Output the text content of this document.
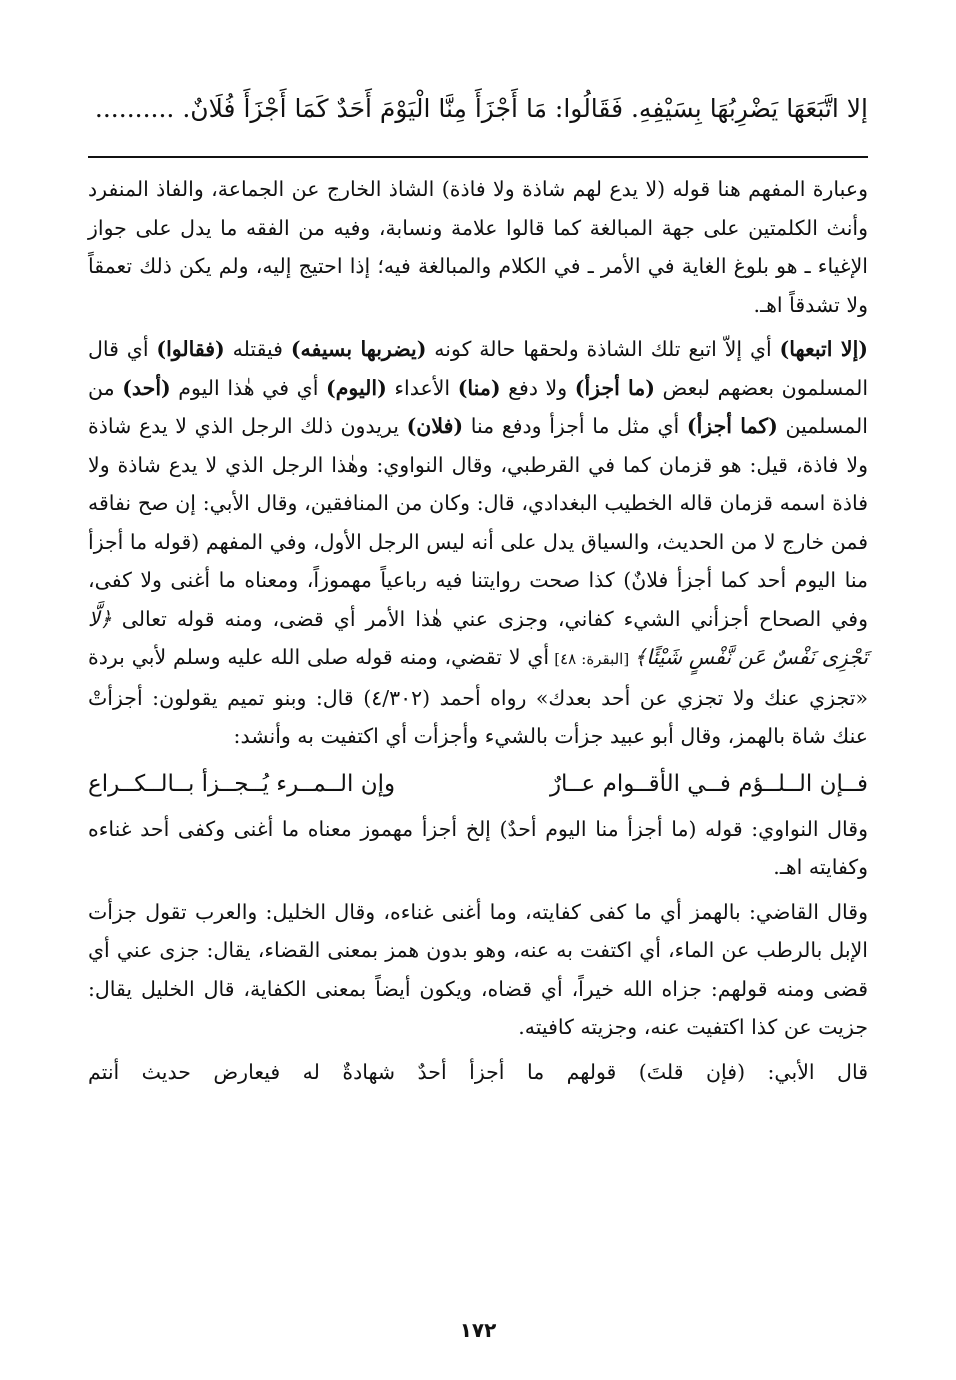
إلا اتَّبَعَهَا يَضْرِبُهَا بِسَيْفِهِ. فَقَالُوا: مَا أَجْزَأَ مِنَّا الْيَوْمَ أَحَدٌ كَمَا أَجْزَأَ فُلَانٌ. ..........

وعبارة المفهم هنا قوله (لا يدع لهم شاذة ولا فاذة) الشاذ الخارج عن الجماعة، والفاذ المنفرد وأنث الكلمتين على جهة المبالغة كما قالوا علامة ونسابة، وفيه من الفقه ما يدل على جواز الإغياء ـ هو بلوغ الغاية في الأمر ـ في الكلام والمبالغة فيه؛ إذا احتيج إليه، ولم يكن ذلك تعمقاً ولا تشدقاً اهـ.

(إلا اتبعها) أي إلاّ اتبع تلك الشاذة ولحقها حالة كونه (يضربها بسيفه) فيقتله (فقالوا) أي قال المسلمون بعضهم لبعض (ما أجزأ) ولا دفع (منا) الأعداء (اليوم) أي في هٰذا اليوم (أحد) من المسلمين (كما أجزأ) أي مثل ما أجزأ ودفع منا (فلان) يريدون ذلك الرجل الذي لا يدع شاذة ولا فاذة، قيل: هو قزمان كما في القرطبي، وقال النواوي: وهٰذا الرجل الذي لا يدع شاذة ولا فاذة اسمه قزمان قاله الخطيب البغدادي، قال: وكان من المنافقين، وقال الأبي: إن صح نفاقه فمن خارج لا من الحديث، والسياق يدل على أنه ليس الرجل الأول، وفي المفهم (قوله ما أجزأ منا اليوم أحد كما أجزأ فلانٌ) كذا صحت روايتنا فيه رباعياً مهموزاً، ومعناه ما أغنى ولا كفى، وفي الصحاح أجزأني الشيء كفاني، وجزى عني هٰذا الأمر أي قضى، ومنه قوله تعالى ﴿لَّا تَجْزِى نَفْسٌ عَن نَّفْسٍ شَيْئًا﴾ [البقرة: ٤٨] أي لا تقضي، ومنه قوله صلى الله عليه وسلم لأبي بردة «تجزي عنك ولا تجزي عن أحد بعدك» رواه أحمد (٤/٣٠٢) قال: وبنو تميم يقولون: أجزأتْ عنك شاة بالهمز، وقال أبو عبيد جزأت بالشيء وأجزأت أي اكتفيت به وأنشد:

فــإن الــلــؤم فــي الأقــوام عــارٌ
وإن الــمــرء يُــجــزأ بــالــكــراع

وقال النواوي: قوله (ما أجزأ منا اليوم أحدٌ) إلخ أجزأ مهموز معناه ما أغنى وكفى أحد غناءه وكفايته اهـ.

وقال القاضي: بالهمز أي ما كفى كفايته، وما أغنى غناءه، وقال الخليل: والعرب تقول جزأت الإبل بالرطب عن الماء، أي اكتفت به عنه، وهو بدون همز بمعنى القضاء، يقال: جزى عني أي قضى ومنه قولهم: جزاه الله خيراً، أي قضاه، ويكون أيضاً بمعنى الكفاية، قال الخليل يقال: جزيت عن كذا اكتفيت عنه، وجزيته كافيته.

قال الأبي: (فإن قلتَ) قولهم ما أجزأ أحدٌ شهادةٌ له فيعارض حديث أنتم

١٧٢
